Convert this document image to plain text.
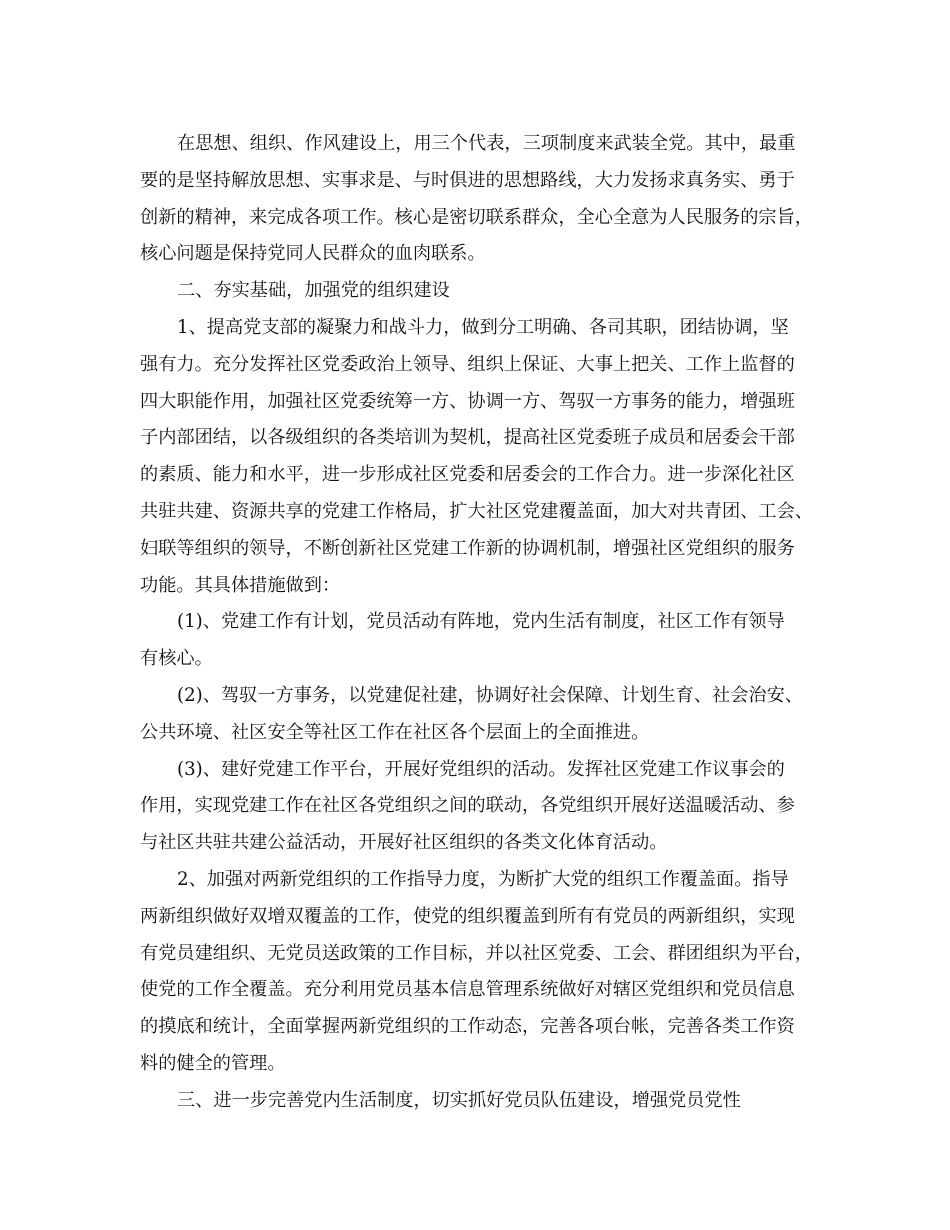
在思想、组织、作风建设上，用三个代表，三项制度来武装全党。其中，最重
要的是坚持解放思想、实事求是、与时俱进的思想路线，大力发扬求真务实、勇于
创新的精神，来完成各项工作。核心是密切联系群众，全心全意为人民服务的宗旨，
核心问题是保持党同人民群众的血肉联系。
二、夯实基础，加强党的组织建设
1、提高党支部的凝聚力和战斗力，做到分工明确、各司其职，团结协调，坚
强有力。充分发挥社区党委政治上领导、组织上保证、大事上把关、工作上监督的
四大职能作用，加强社区党委统筹一方、协调一方、驾驭一方事务的能力，增强班
子内部团结，以各级组织的各类培训为契机，提高社区党委班子成员和居委会干部
的素质、能力和水平，进一步形成社区党委和居委会的工作合力。进一步深化社区
共驻共建、资源共享的党建工作格局，扩大社区党建覆盖面，加大对共青团、工会、
妇联等组织的领导，不断创新社区党建工作新的协调机制，增强社区党组织的服务
功能。其具体措施做到：
(1)、党建工作有计划，党员活动有阵地，党内生活有制度，社区工作有领导
有核心。
(2)、驾驭一方事务，以党建促社建，协调好社会保障、计划生育、社会治安、
公共环境、社区安全等社区工作在社区各个层面上的全面推进。
(3)、建好党建工作平台，开展好党组织的活动。发挥社区党建工作议事会的
作用，实现党建工作在社区各党组织之间的联动，各党组织开展好送温暖活动、参
与社区共驻共建公益活动，开展好社区组织的各类文化体育活动。
2、加强对两新党组织的工作指导力度，为断扩大党的组织工作覆盖面。指导
两新组织做好双增双覆盖的工作，使党的组织覆盖到所有有党员的两新组织，实现
有党员建组织、无党员送政策的工作目标，并以社区党委、工会、群团组织为平台，
使党的工作全覆盖。充分利用党员基本信息管理系统做好对辖区党组织和党员信息
的摸底和统计，全面掌握两新党组织的工作动态，完善各项台帐，完善各类工作资
料的健全的管理。
三、进一步完善党内生活制度，切实抓好党员队伍建设，增强党员党性
